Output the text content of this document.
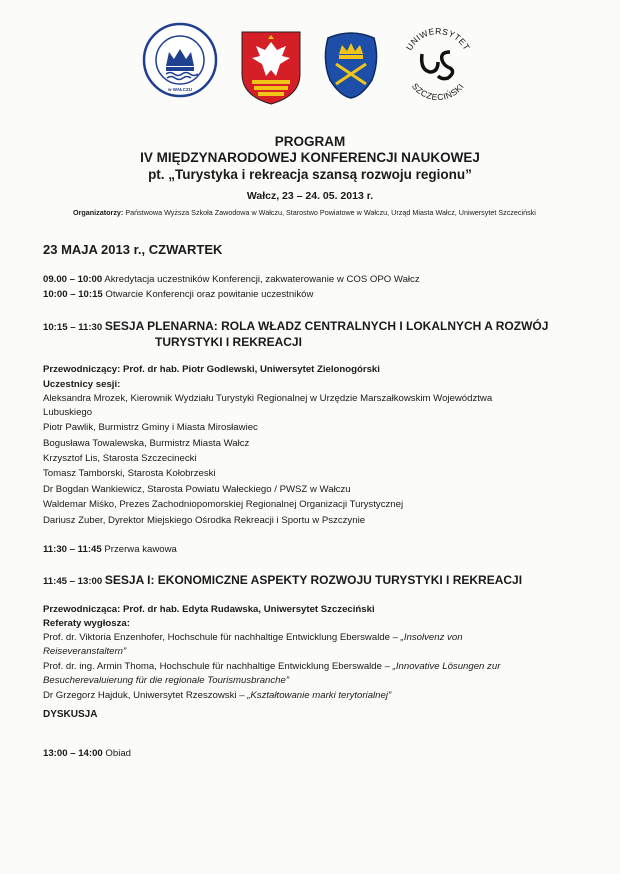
w WAŁCZU
UNIWERSYTET
SZCZECIŃSKI
PROGRAM
IV MIĘDZYNARODOWEJ KONFERENCJI NAUKOWEJ
pt. „Turystyka i rekreacja szansą rozwoju regionu”
Wałcz, 23 – 24. 05. 2013 r.
Organizatorzy: Państwowa Wyższa Szkoła Zawodowa w Wałczu, Starostwo Powiatowe w Wałczu, Urząd Miasta Wałcz, Uniwersytet Szczeciński
23 MAJA 2013 r., CZWARTEK
09.00 – 10:00 Akredytacja uczestników Konferencji, zakwaterowanie w COS OPO Wałcz
10:00 – 10:15 Otwarcie Konferencji oraz powitanie uczestników
10:15 – 11:30 SESJA PLENARNA: ROLA WŁADZ CENTRALNYCH I LOKALNYCH A ROZWÓJ
TURYSTYKI I REKREACJI
Przewodniczący: Prof. dr hab. Piotr Godlewski, Uniwersytet Zielonogórski
Uczestnicy sesji:
Aleksandra Mrozek, Kierownik Wydziału Turystyki Regionalnej w Urzędzie Marszałkowskim Województwa
Lubuskiego
Piotr Pawlik, Burmistrz Gminy i Miasta Mirosławiec
Bogusława Towalewska, Burmistrz Miasta Wałcz
Krzysztof Lis, Starosta Szczecinecki
Tomasz Tamborski, Starosta Kołobrzeski
Dr Bogdan Wankiewicz, Starosta Powiatu Wałeckiego / PWSZ w Wałczu
Waldemar Miśko, Prezes Zachodniopomorskiej Regionalnej Organizacji Turystycznej
Dariusz Zuber, Dyrektor Miejskiego Ośrodka Rekreacji i Sportu w Pszczynie
11:30 – 11:45 Przerwa kawowa
11:45 – 13:00 SESJA I: EKONOMICZNE ASPEKTY ROZWOJU TURYSTYKI I REKREACJI
Przewodnicząca: Prof. dr hab. Edyta Rudawska, Uniwersytet Szczeciński
Referaty wygłosza:
Prof. dr. Viktoria Enzenhofer, Hochschule für nachhaltige Entwicklung Eberswalde – „Insolvenz von
Reiseveranstaltern”
Prof. dr. ing. Armin Thoma, Hochschule für nachhaltige Entwicklung Eberswalde – „Innovative Lösungen zur
Besucherevaluierung für die regionale Tourismusbranche”
Dr Grzegorz Hajduk, Uniwersytet Rzeszowski – „Kształtowanie marki terytorialnej”
DYSKUSJA
13:00 – 14:00 Obiad
